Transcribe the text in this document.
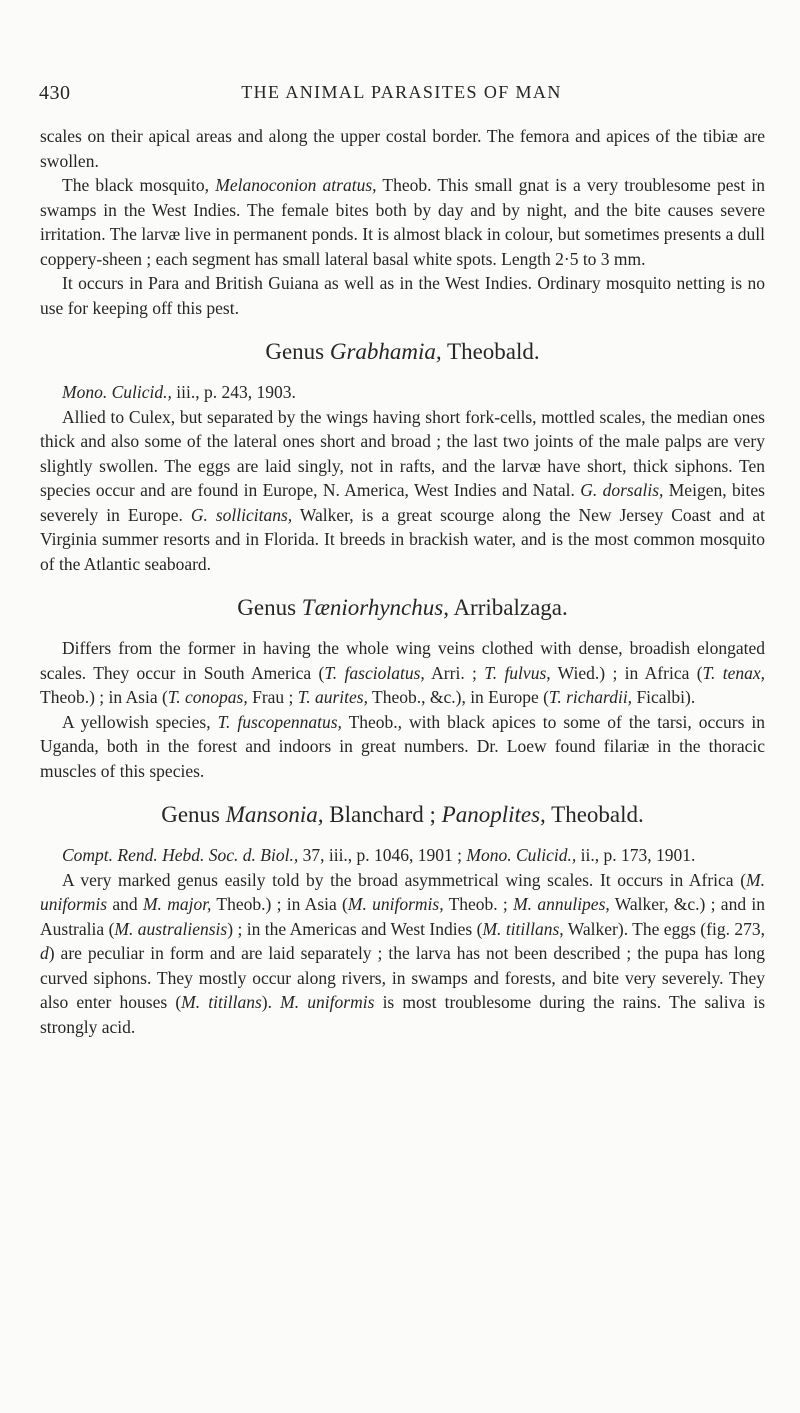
430	THE ANIMAL PARASITES OF MAN

scales on their apical areas and along the upper costal border. The femora and apices of the tibiæ are swollen.

The black mosquito, Melanoconion atratus, Theob. This small gnat is a very troublesome pest in swamps in the West Indies. The female bites both by day and by night, and the bite causes severe irritation. The larvæ live in permanent ponds. It is almost black in colour, but sometimes presents a dull coppery-sheen ; each segment has small lateral basal white spots. Length 2·5 to 3 mm.

It occurs in Para and British Guiana as well as in the West Indies. Ordinary mosquito netting is no use for keeping off this pest.

Genus Grabhamia, Theobald.

Mono. Culicid., iii., p. 243, 1903.

Allied to Culex, but separated by the wings having short fork-cells, mottled scales, the median ones thick and also some of the lateral ones short and broad ; the last two joints of the male palps are very slightly swollen. The eggs are laid singly, not in rafts, and the larvæ have short, thick siphons. Ten species occur and are found in Europe, N. America, West Indies and Natal. G. dorsalis, Meigen, bites severely in Europe. G. sollicitans, Walker, is a great scourge along the New Jersey Coast and at Virginia summer resorts and in Florida. It breeds in brackish water, and is the most common mosquito of the Atlantic seaboard.

Genus Tæniorhynchus, Arribalzaga.

Differs from the former in having the whole wing veins clothed with dense, broadish elongated scales. They occur in South America (T. fasciolatus, Arri. ; T. fulvus, Wied.) ; in Africa (T. tenax, Theob.) ; in Asia (T. conopas, Frau ; T. aurites, Theob., &c.), in Europe (T. richardii, Ficalbi).

A yellowish species, T. fuscopennatus, Theob., with black apices to some of the tarsi, occurs in Uganda, both in the forest and indoors in great numbers. Dr. Loew found filariæ in the thoracic muscles of this species.

Genus Mansonia, Blanchard ; Panoplites, Theobald.

Compt. Rend. Hebd. Soc. d. Biol., 37, iii., p. 1046, 1901 ; Mono. Culicid., ii., p. 173, 1901.

A very marked genus easily told by the broad asymmetrical wing scales. It occurs in Africa (M. uniformis and M. major, Theob.) ; in Asia (M. uniformis, Theob. ; M. annulipes, Walker, &c.) ; and in Australia (M. australiensis) ; in the Americas and West Indies (M. titillans, Walker). The eggs (fig. 273, d) are peculiar in form and are laid separately ; the larva has not been described ; the pupa has long curved siphons. They mostly occur along rivers, in swamps and forests, and bite very severely. They also enter houses (M. titillans). M. uniformis is most troublesome during the rains. The saliva is strongly acid.
